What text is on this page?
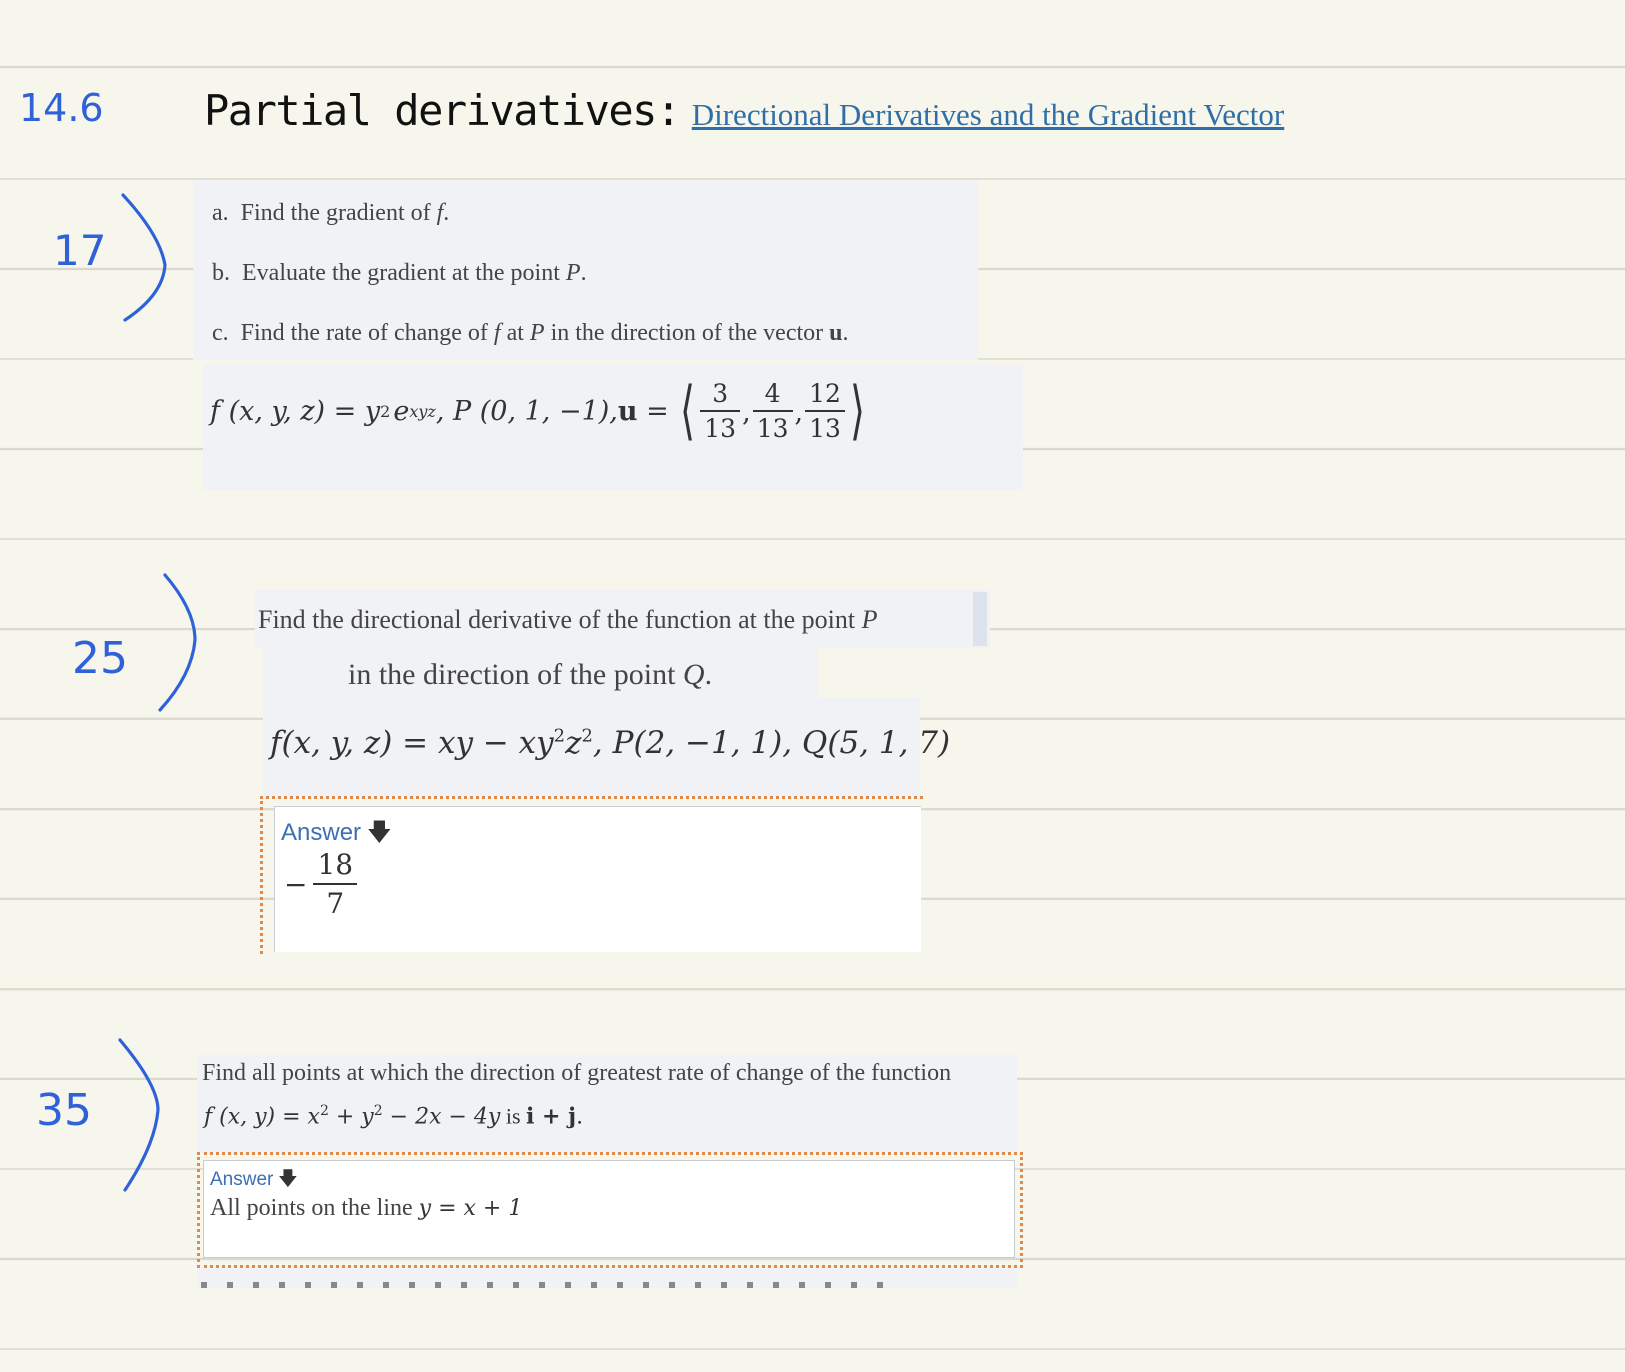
14.6
17
25
35
Partial derivatives: Directional Derivatives and the Gradient Vector
a. Find the gradient of f.
b. Evaluate the gradient at the point P.
c. Find the rate of change of f at P in the direction of the vector u.
f (x, y, z) = y 2 e xyz , P (0, 1, −1), u = ⟨ $\frac{3}{13}$ , $\frac{4}{13}$ , $\frac{12}{13}$ ⟩
Find the directional derivative of the function at the point P
in the direction of the point Q.
f(x, y, z) = xy − $xy^2z^2$, P(2, −1, 1), Q(5, 1, 7)
Answer 🡇
− $\frac{18}{7}$
Find all points at which the direction of greatest rate of change of the function
f (x, $y) = x^2 + y^2 - 2x - 4y$ is i + j.
Answer 🡇
All points on the line y = x + 1
